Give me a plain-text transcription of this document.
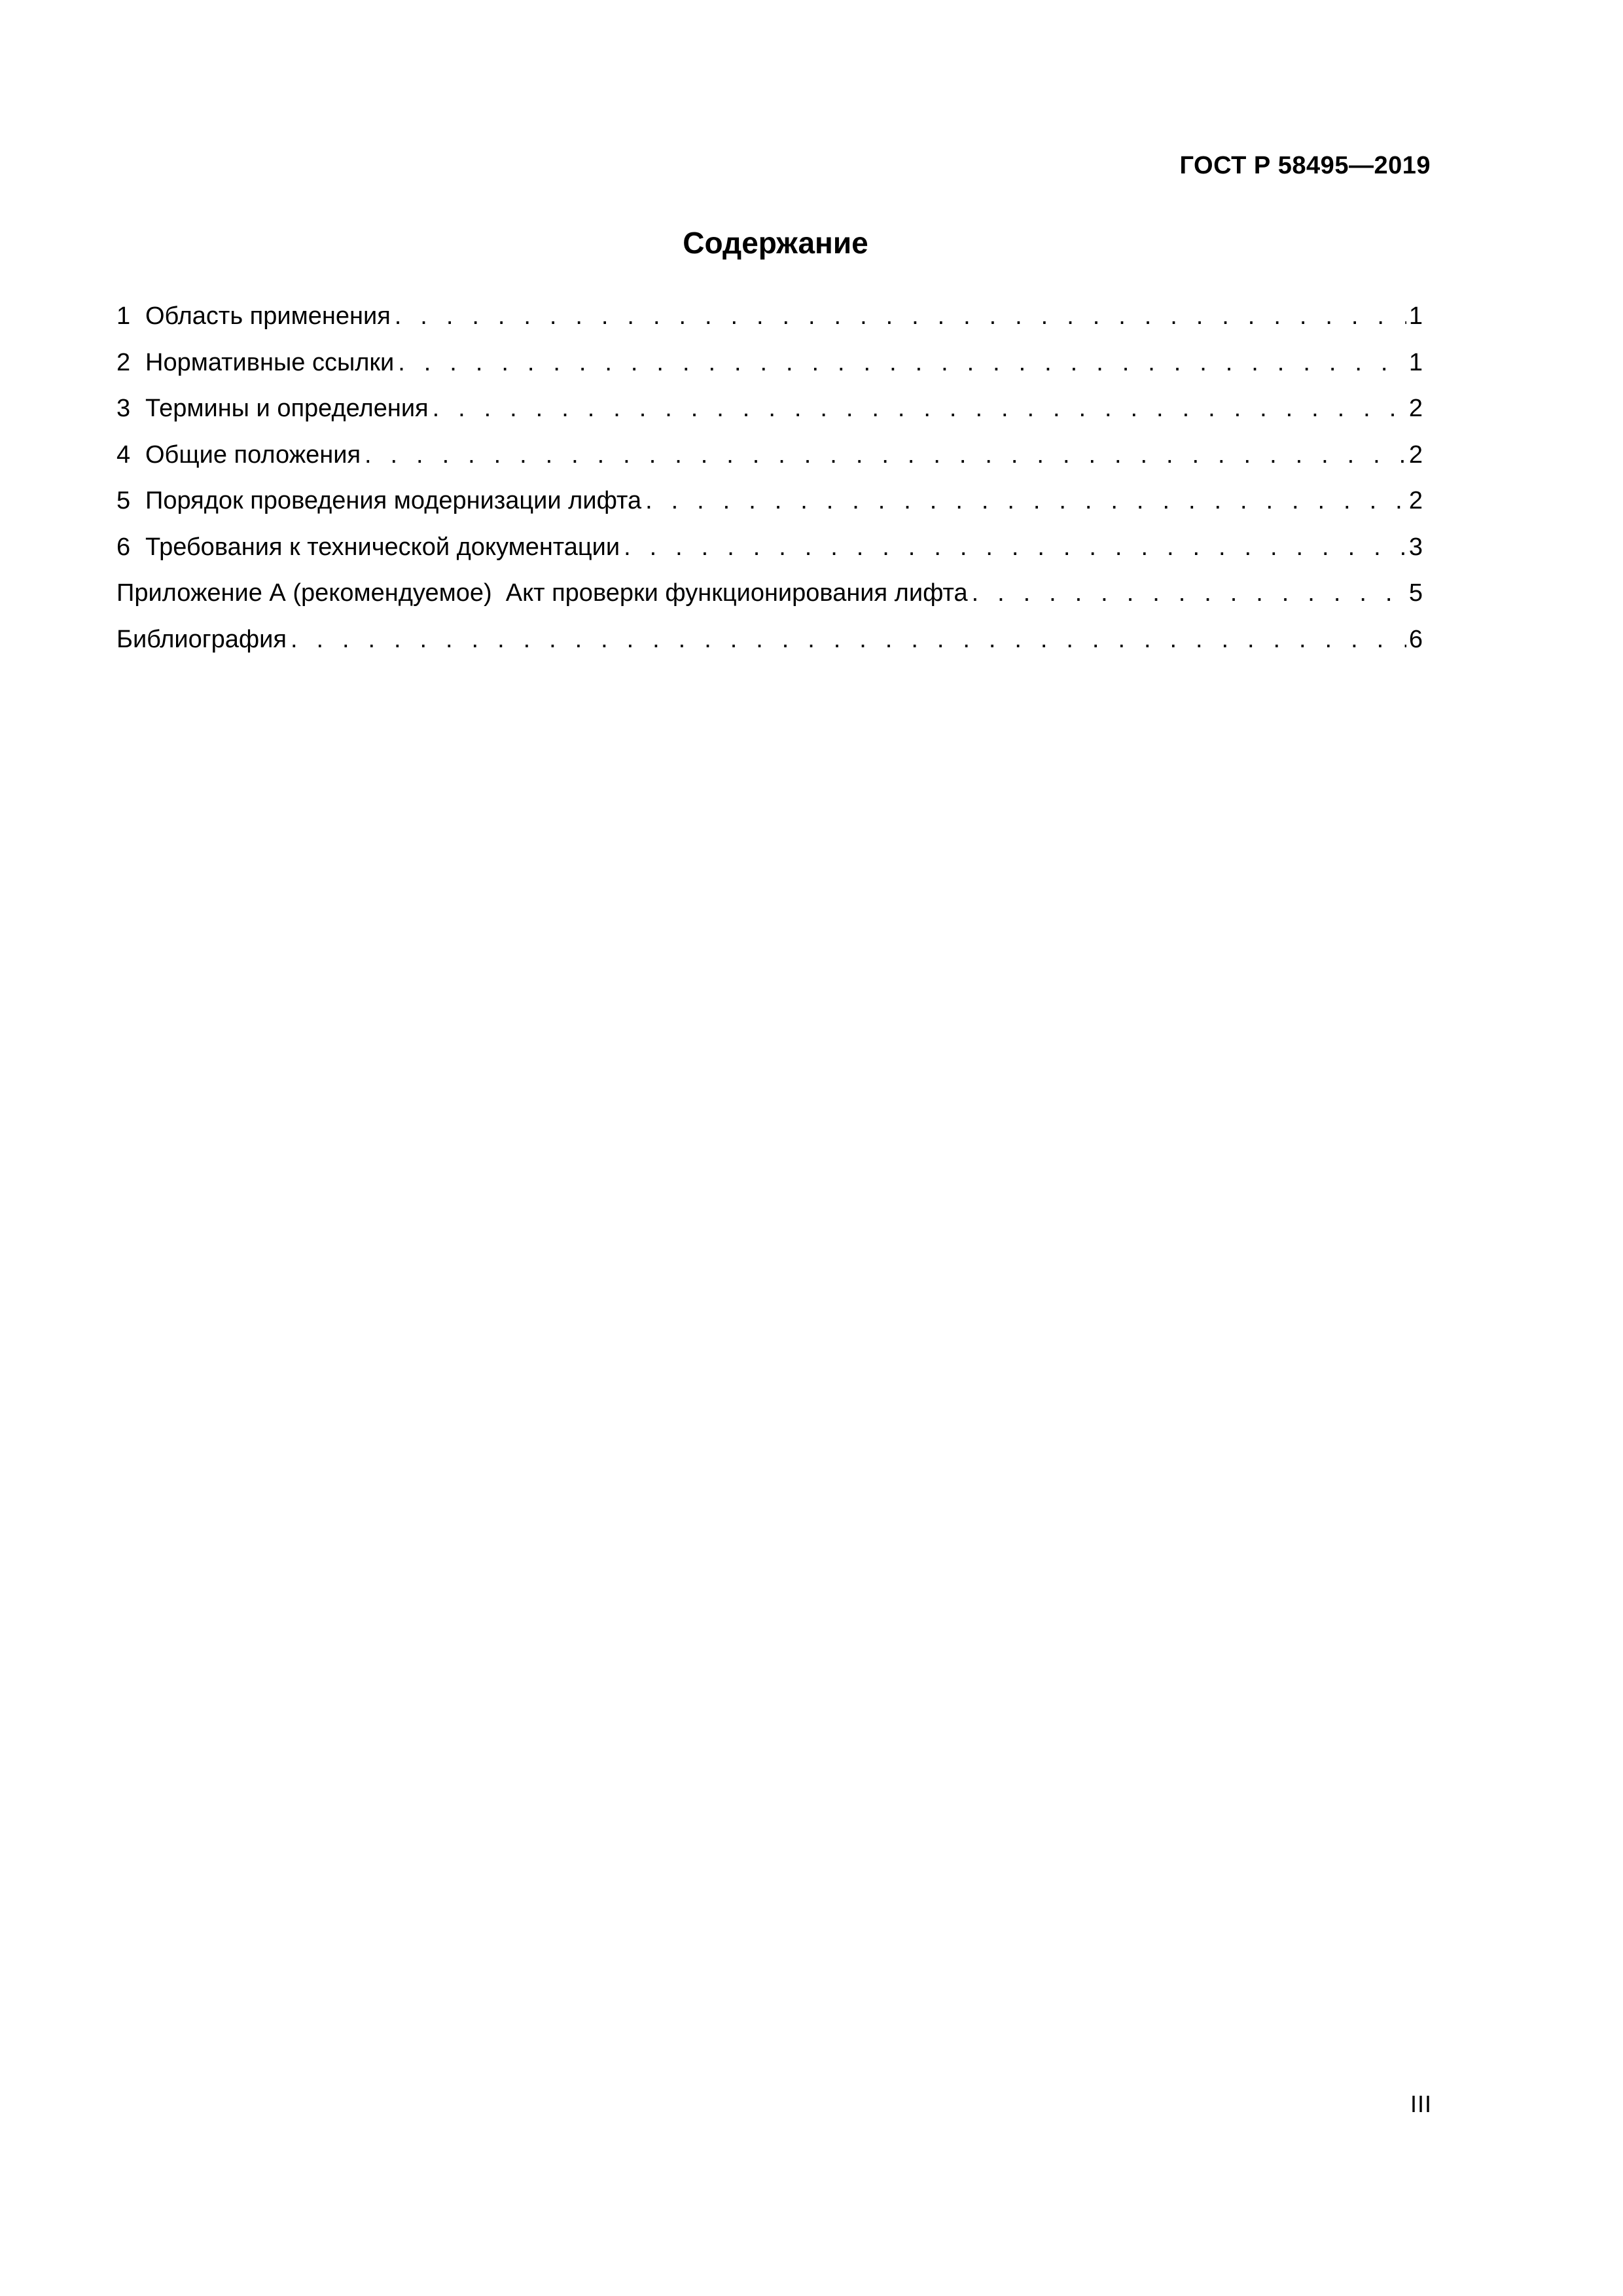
ГОСТ Р 58495—2019
Содержание
1 Область применения . . .	1
2 Нормативные ссылки . . .	1
3 Термины и определения . . .	2
4 Общие положения . . .	2
5 Порядок проведения модернизации лифта . . .	2
6 Требования к технической документации . . .	3
Приложение А (рекомендуемое)  Акт проверки функционирования лифта . . .	5
Библиография . . .	6
III
